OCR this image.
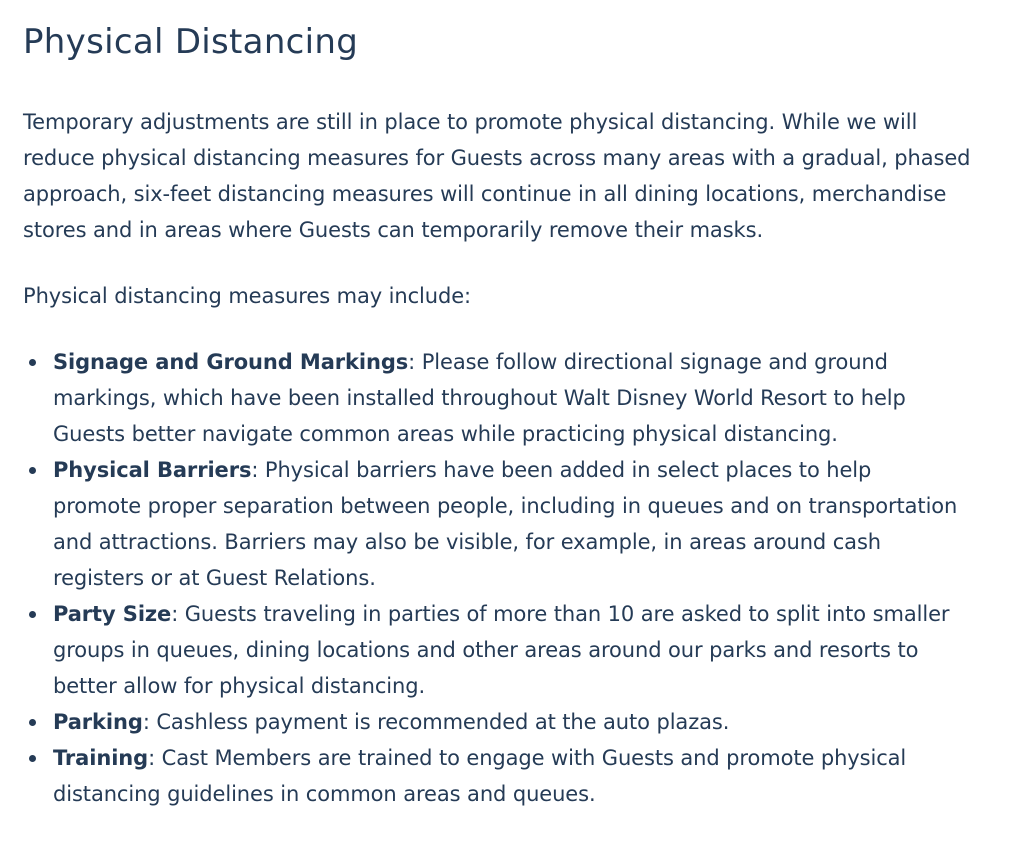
Physical Distancing

Temporary adjustments are still in place to promote physical distancing. While we will reduce physical distancing measures for Guests across many areas with a gradual, phased approach, six-feet distancing measures will continue in all dining locations, merchandise stores and in areas where Guests can temporarily remove their masks.

Physical distancing measures may include:

Signage and Ground Markings: Please follow directional signage and ground markings, which have been installed throughout Walt Disney World Resort to help Guests better navigate common areas while practicing physical distancing.
Physical Barriers: Physical barriers have been added in select places to help promote proper separation between people, including in queues and on transportation and attractions. Barriers may also be visible, for example, in areas around cash registers or at Guest Relations.
Party Size: Guests traveling in parties of more than 10 are asked to split into smaller groups in queues, dining locations and other areas around our parks and resorts to better allow for physical distancing.
Parking: Cashless payment is recommended at the auto plazas.
Training: Cast Members are trained to engage with Guests and promote physical distancing guidelines in common areas and queues.
